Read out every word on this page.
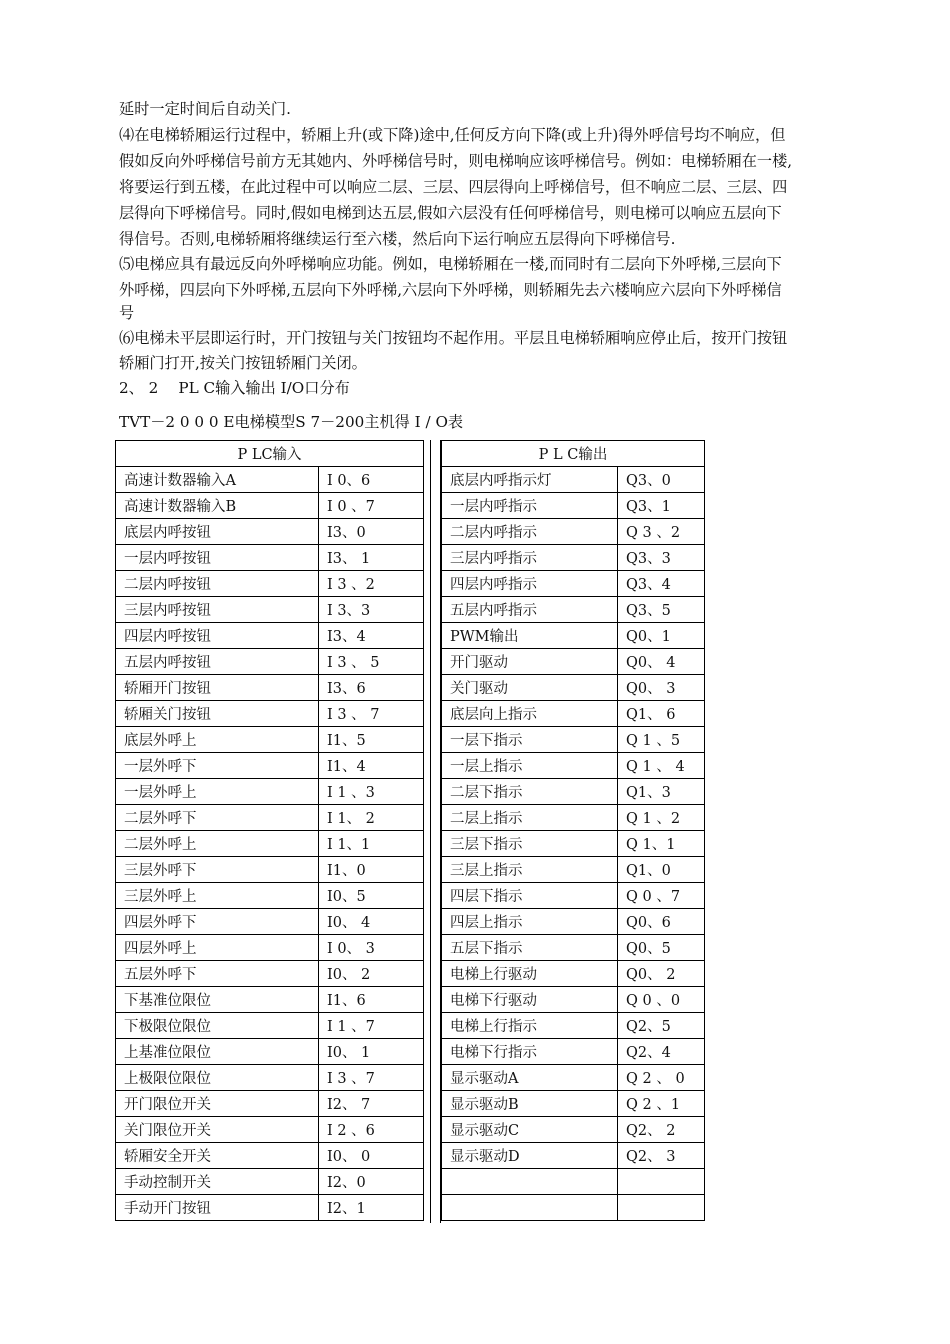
延时一定时间后自动关门.
⑷在电梯轿厢运行过程中，轿厢上升(或下降)途中,任何反方向下降(或上升)得外呼信号均不响应，但
假如反向外呼梯信号前方无其她内、外呼梯信号时，则电梯响应该呼梯信号。例如：电梯轿厢在一楼,
将要运行到五楼，在此过程中可以响应二层、三层、四层得向上呼梯信号，但不响应二层、三层、四
层得向下呼梯信号。同时,假如电梯到达五层,假如六层没有任何呼梯信号，则电梯可以响应五层向下
得信号。否则,电梯轿厢将继续运行至六楼，然后向下运行响应五层得向下呼梯信号.
⑸电梯应具有最远反向外呼梯响应功能。例如，电梯轿厢在一楼,而同时有二层向下外呼梯,三层向下
外呼梯，四层向下外呼梯,五层向下外呼梯,六层向下外呼梯，则轿厢先去六楼响应六层向下外呼梯信
号
⑹电梯未平层即运行时，开门按钮与关门按钮均不起作用。平层且电梯轿厢响应停止后，按开门按钮
轿厢门打开,按关门按钮轿厢门关闭。
2、 2　 PL C输入输出 I/O口分布
TVT－2 0 0 0 E电梯模型S 7－200主机得 I / O表
P LC输入	
高速计数器输入A	I 0、6
高速计数器输入B	I 0 、7
底层内呼按钮	I3、0
一层内呼按钮	I3、 1
二层内呼按钮	I 3 、2
三层内呼按钮	I 3、3
四层内呼按钮	I3、4
五层内呼按钮	I 3 、 5
轿厢开门按钮	I3、6
轿厢关门按钮	I 3 、 7
底层外呼上	I1、5
一层外呼下	I1、4
一层外呼上	I 1 、3
二层外呼下	I 1、 2
二层外呼上	I 1、1
三层外呼下	I1、0
三层外呼上	I0、5
四层外呼下	I0、 4
四层外呼上	I 0、 3
五层外呼下	I0、 2
下基准位限位	I1、6
下极限位限位	I 1 、7
上基准位限位	I0、 1
上极限位限位	I 3 、7
开门限位开关	I2、 7
关门限位开关	I 2 、6
轿厢安全开关	I0、 0
手动控制开关	I2、0
手动开门按钮	I2、1
P L C输出	
底层内呼指示灯	Q3、0
一层内呼指示	Q3、1
二层内呼指示	Q 3 、2
三层内呼指示	Q3、3
四层内呼指示	Q3、4
五层内呼指示	Q3、5
PWM输出	Q0、1
开门驱动	Q0、 4
关门驱动	Q0、 3
底层向上指示	Q1、 6
一层下指示	Q 1 、5
一层上指示	Q 1 、 4
二层下指示	Q1、3
二层上指示	Q 1 、2
三层下指示	Q 1、1
三层上指示	Q1、0
四层下指示	Q 0 、7
四层上指示	Q0、6
五层下指示	Q0、5
电梯上行驱动	Q0、 2
电梯下行驱动	Q 0 、0
电梯上行指示	Q2、5
电梯下行指示	Q2、4
显示驱动A	Q 2 、 0
显示驱动B	Q 2 、1
显示驱动C	Q2、 2
显示驱动D	Q2、 3
